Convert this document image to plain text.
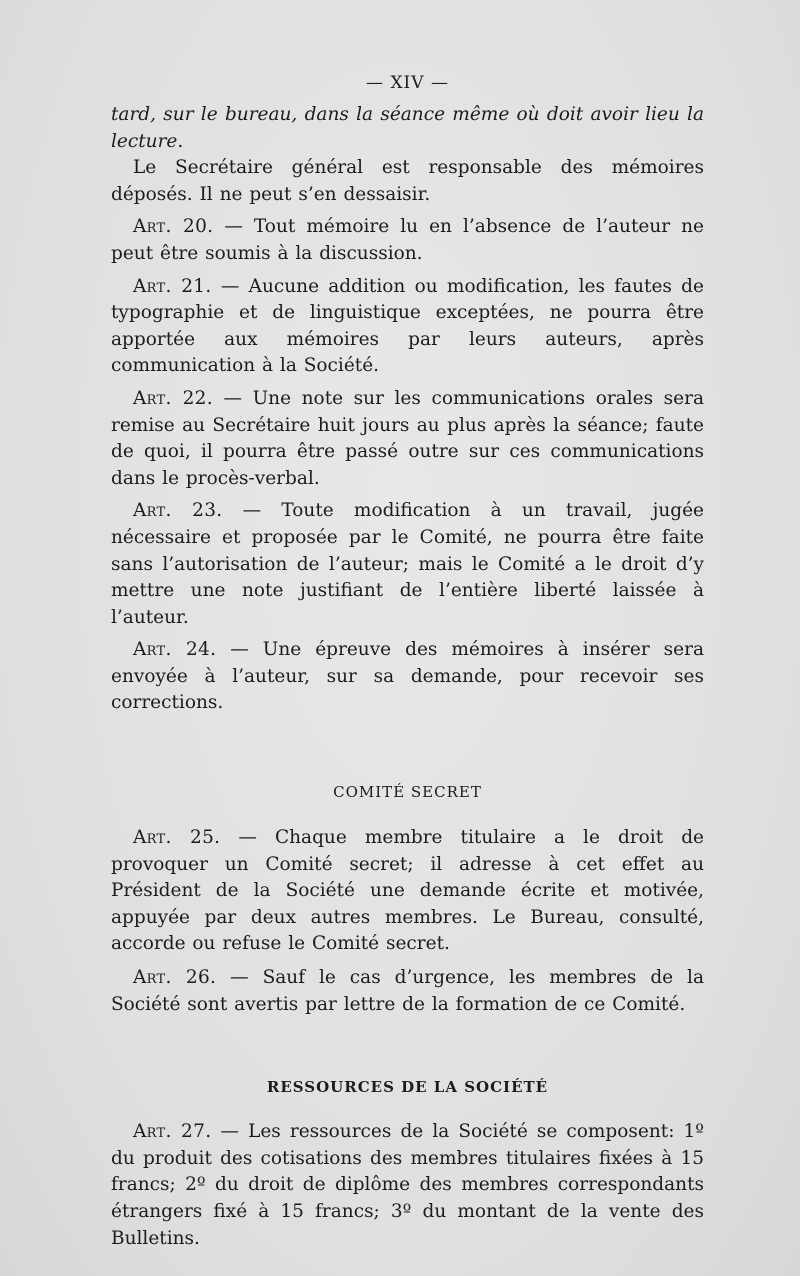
— XIV —

tard, sur le bureau, dans la séance même où doit avoir lieu la lecture.

Le Secrétaire général est responsable des mémoires déposés. Il ne peut s’en dessaisir.

Art. 20. — Tout mémoire lu en l’absence de l’auteur ne peut être soumis à la discussion.

Art. 21. — Aucune addition ou modification, les fautes de typographie et de linguistique exceptées, ne pourra être apportée aux mémoires par leurs auteurs, après communication à la Société.

Art. 22. — Une note sur les communications orales sera remise au Secrétaire huit jours au plus après la séance; faute de quoi, il pourra être passé outre sur ces communications dans le procès-verbal.

Art. 23. — Toute modification à un travail, jugée nécessaire et proposée par le Comité, ne pourra être faite sans l’autorisation de l’auteur; mais le Comité a le droit d’y mettre une note justifiant de l’entière liberté laissée à l’auteur.

Art. 24. — Une épreuve des mémoires à insérer sera envoyée à l’auteur, sur sa demande, pour recevoir ses corrections.

COMITÉ SECRET

Art. 25. — Chaque membre titulaire a le droit de provoquer un Comité secret; il adresse à cet effet au Président de la Société une demande écrite et motivée, appuyée par deux autres membres. Le Bureau, consulté, accorde ou refuse le Comité secret.

Art. 26. — Sauf le cas d’urgence, les membres de la Société sont avertis par lettre de la formation de ce Comité.

RESSOURCES DE LA SOCIÉTÉ

Art. 27. — Les ressources de la Société se composent: 1º du produit des cotisations des membres titulaires fixées à 15 francs; 2º du droit de diplôme des membres correspondants étrangers fixé à 15 francs; 3º du montant de la vente des Bulletins.
